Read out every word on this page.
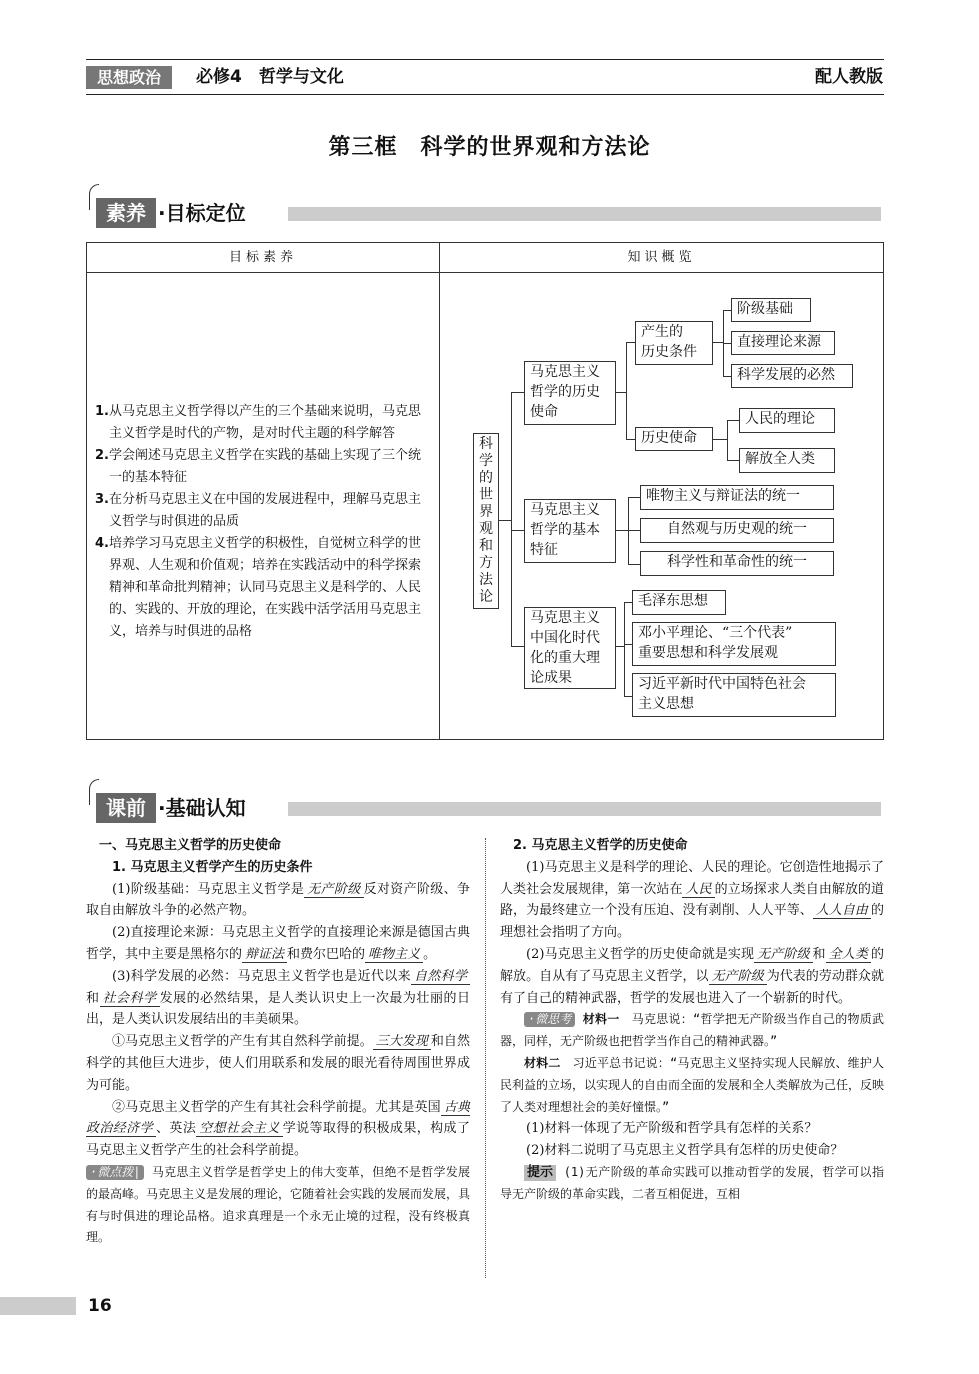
思想政治	必修4　哲学与文化	配人教版
第三框　科学的世界观和方法论
素养 ·目标定位
目标素养	知识概览

1.从马克思主义哲学得以产生的三个基础来说明，马克思主义哲学是时代的产物，是对时代主题的科学解答

2.学会阐述马克思主义哲学在实践的基础上实现了三个统一的基本特征

3.在分析马克思主义在中国的发展进程中，理解马克思主义哲学与时俱进的品质

4.培养学习马克思主义哲学的积极性，自觉树立科学的世界观、人生观和价值观；培养在实践活动中的科学探索精神和革命批判精神；认同马克思主义是科学的、人民的、实践的、开放的理论，在实践中活学活用马克思主义，培养与时俱进的品格	

科学的世界观和方法论
马克思主义
哲学的历史
使命
产生的
历史条件
阶级基础
直接理论来源
科学发展的必然
历史使命
人民的理论
解放全人类
马克思主义
哲学的基本
特征
唯物主义与辩证法的统一
自然观与历史观的统一
科学性和革命性的统一
马克思主义
中国化时代
化的重大理
论成果
毛泽东思想
邓小平理论、“三个代表”
重要思想和科学发展观
习近平新时代中国特色社会
主义思想
课前 ·基础认知
一、马克思主义哲学的历史使命
1. 马克思主义哲学产生的历史条件

(1)阶级基础：马克思主义哲学是 无产阶级 反对资产阶级、争取自由解放斗争的必然产物。

(2)直接理论来源：马克思主义哲学的直接理论来源是德国古典哲学，其中主要是黑格尔的 辩证法 和费尔巴哈的 唯物主义 。

(3)科学发展的必然：马克思主义哲学也是近代以来 自然科学和 社会科学 发展的必然结果，是人类认识史上一次最为壮丽的日出，是人类认识发展结出的丰美硕果。

①马克思主义哲学的产生有其自然科学前提。 三大发现 和自然科学的其他巨大进步，使人们用联系和发展的眼光看待周围世界成为可能。

②马克思主义哲学的产生有其社会科学前提。尤其是英国 古典政治经济学 、英法 空想社会主义 学说等取得的积极成果，构成了马克思主义哲学产生的社会科学前提。

·微点拨| 马克思主义哲学是哲学史上的伟大变革，但绝不是哲学发展的最高峰。马克思主义是发展的理论，它随着社会实践的发展而发展，具有与时俱进的理论品格。追求真理是一个永无止境的过程，没有终极真理。

2. 马克思主义哲学的历史使命

(1)马克思主义是科学的理论、人民的理论。它创造性地揭示了人类社会发展规律，第一次站在 人民 的立场探求人类自由解放的道路，为最终建立一个没有压迫、没有剥削、人人平等、 人人自由 的理想社会指明了方向。

(2)马克思主义哲学的历史使命就是实现 无产阶级 和 全人类 的解放。自从有了马克思主义哲学，以 无产阶级 为代表的劳动群众就有了自己的精神武器，哲学的发展也进入了一个崭新的时代。

·微思考 材料一　马克思说：“哲学把无产阶级当作自己的物质武器，同样，无产阶级也把哲学当作自己的精神武器。”

材料二　习近平总书记说：“马克思主义坚持实现人民解放、维护人民利益的立场，以实现人的自由而全面的发展和全人类解放为己任，反映了人类对理想社会的美好憧憬。”

(1)材料一体现了无产阶级和哲学具有怎样的关系？

(2)材料二说明了马克思主义哲学具有怎样的历史使命？

提示 (1)无产阶级的革命实践可以推动哲学的发展，哲学可以指导无产阶级的革命实践，二者互相促进，互相

16
